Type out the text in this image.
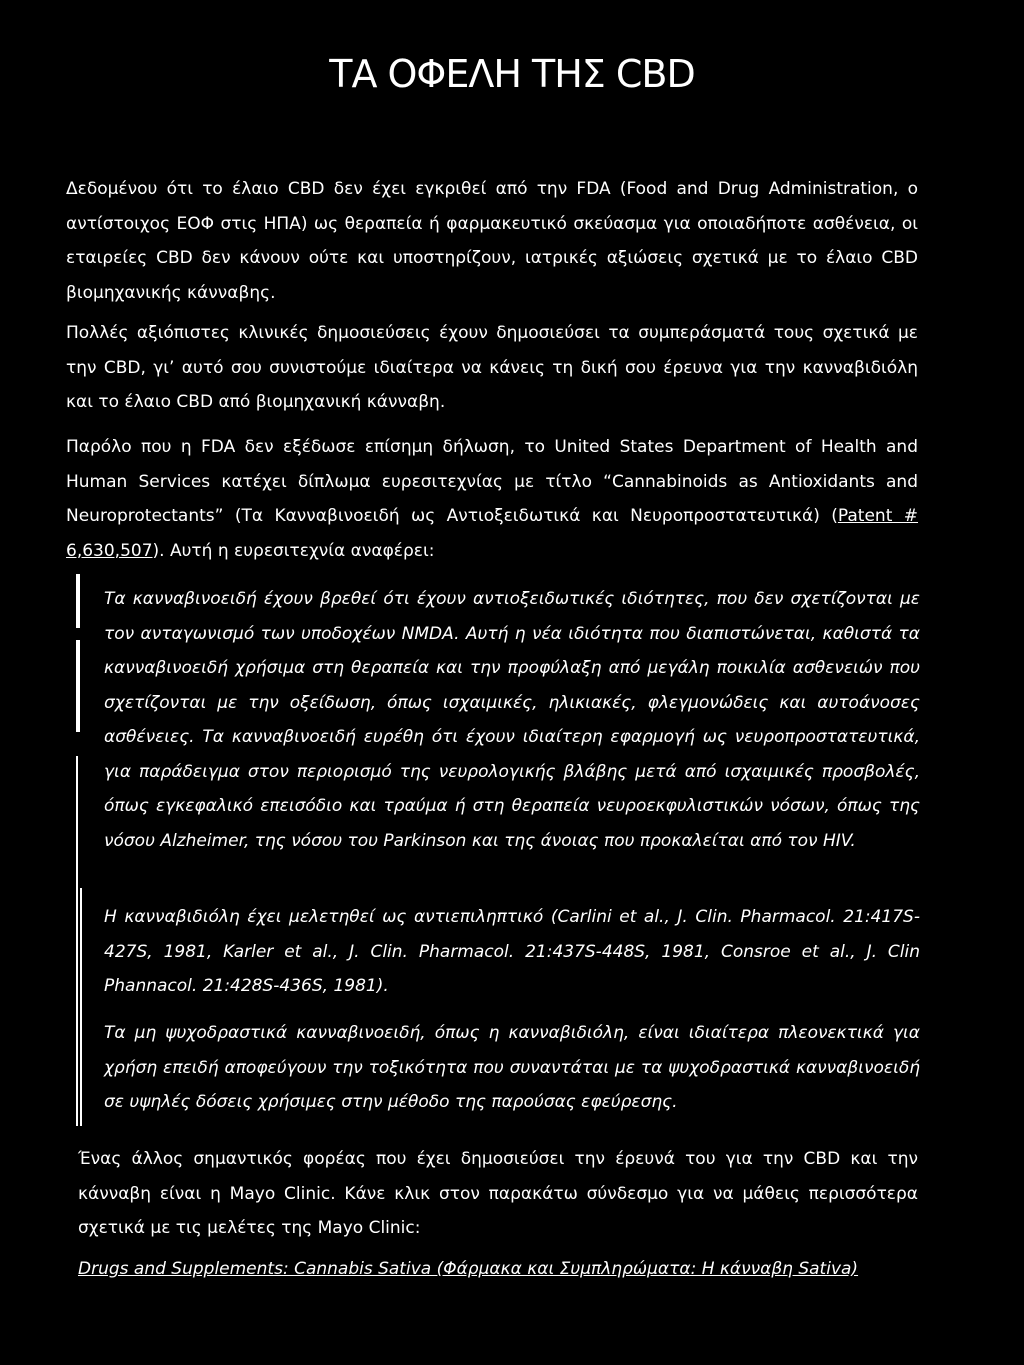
ΤΑ ΟΦΕΛΗ ΤΗΣ CBD

Δεδομένου ότι το έλαιο CBD δεν έχει εγκριθεί από την FDA (Food and Drug Administration, ο αντίστοιχος ΕΟΦ στις ΗΠΑ) ως θεραπεία ή φαρμακευτικό σκεύασμα για οποιαδήποτε ασθένεια, οι εταιρείες CBD δεν κάνουν ούτε και υποστηρίζουν, ιατρικές αξιώσεις σχετικά με το έλαιο CBD βιομηχανικής κάνναβης.

Πολλές αξιόπιστες κλινικές δημοσιεύσεις έχουν δημοσιεύσει τα συμπεράσματά τους σχετικά με την CBD, γι’ αυτό σου συνιστούμε ιδιαίτερα να κάνεις τη δική σου έρευνα για την κανναβιδιόλη και το έλαιο CBD από βιομηχανική κάνναβη.

Παρόλο που η FDA δεν εξέδωσε επίσημη δήλωση, το United States Department of Health and Human Services κατέχει δίπλωμα ευρεσιτεχνίας με τίτλο “Cannabinoids as Antioxidants and Neuroprotectants” (Τα Κανναβινοειδή ως Αντιοξειδωτικά και Νευροπροστατευτικά) (Patent # 6,630,507). Αυτή η ευρεσιτεχνία αναφέρει:

Τα κανναβινοειδή έχουν βρεθεί ότι έχουν αντιοξειδωτικές ιδιότητες, που δεν σχετίζονται με τον ανταγωνισμό των υποδοχέων NMDA. Αυτή η νέα ιδιότητα που διαπιστώνεται, καθιστά τα κανναβινοειδή χρήσιμα στη θεραπεία και την προφύλαξη από μεγάλη ποικιλία ασθενειών που σχετίζονται με την οξείδωση, όπως ισχαιμικές, ηλικιακές, φλεγμονώδεις και αυτοάνοσες ασθένειες. Τα κανναβινοειδή ευρέθη ότι έχουν ιδιαίτερη εφαρμογή ως νευροπροστατευτικά, για παράδειγμα στον περιορισμό της νευρολογικής βλάβης μετά από ισχαιμικές προσβολές, όπως εγκεφαλικό επεισόδιο και τραύμα ή στη θεραπεία νευροεκφυλιστικών νόσων, όπως της νόσου Alzheimer, της νόσου του Parkinson και της άνοιας που προκαλείται από τον HIV.

Η κανναβιδιόλη έχει μελετηθεί ως αντιεπιληπτικό (Carlini et al., J. Clin. Pharmacol. 21:417S-427S, 1981, Karler et al., J. Clin. Pharmacol. 21:437S-448S, 1981, Consroe et al., J. Clin Phannacol. 21:428S-436S, 1981).

Τα μη ψυχοδραστικά κανναβινοειδή, όπως η κανναβιδιόλη, είναι ιδιαίτερα πλεονεκτικά για χρήση επειδή αποφεύγουν την τοξικότητα που συναντάται με τα ψυχοδραστικά κανναβινοειδή σε υψηλές δόσεις χρήσιμες στην μέθοδο της παρούσας εφεύρεσης.

Ένας άλλος σημαντικός φορέας που έχει δημοσιεύσει την έρευνά του για την CBD και την κάνναβη είναι η Mayo Clinic. Κάνε κλικ στον παρακάτω σύνδεσμο για να μάθεις περισσότερα σχετικά με τις μελέτες της Mayo Clinic:

Drugs and Supplements: Cannabis Sativa (Φάρμακα και Συμπληρώματα: Η κάνναβη Sativa)
